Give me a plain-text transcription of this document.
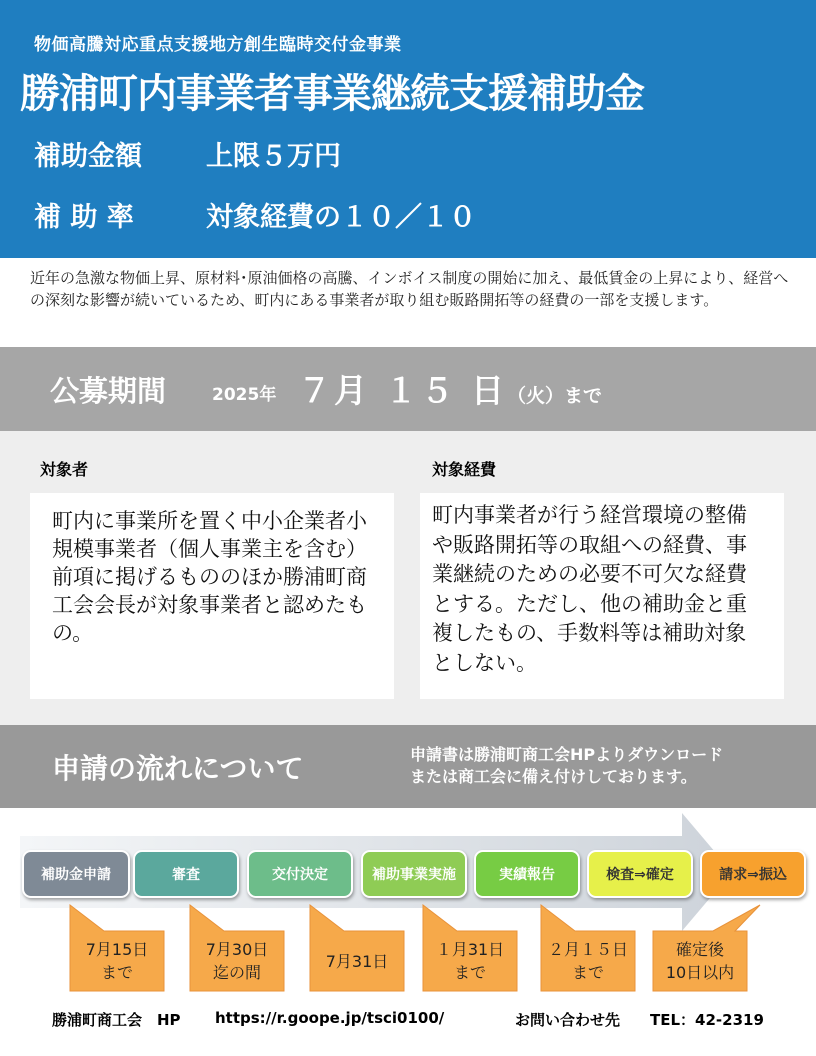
物価高騰対応重点支援地方創生臨時交付金事業
勝浦町内事業者事業継続支援補助金
補助金額 上限５万円
補 助 率	対象経費の１０／１０
近年の急激な物価上昇、原材料･原油価格の高騰、インボイス制度の開始に加え、最低賃金の上昇により、経営への深刻な影響が続いているため、町内にある事業者が取り組む販路開拓等の経費の一部を支援します。
公募期間	2025年 ７月 １５ 日（火）まで
対象者	対象経費
町内に事業所を置く中小企業者小規模事業者（個人事業主を含む）前項に掲げるもののほか勝浦町商工会会長が対象事業者と認めたもの。
町内事業者が行う経営環境の整備や販路開拓等の取組への経費、事業継続のための必要不可欠な経費とする。ただし、他の補助金と重複したもの、手数料等は補助対象としない。
申請の流れについて	申請書は勝浦町商工会HPよりダウンロード
または商工会に備え付けしております。
補助金申請	審査	交付決定	補助事業実施	実績報告	検査⇒確定	請求⇒振込
7月15日
まで
7月30日
迄の間
7月31日
１月31日
まで
２月１５日
まで
確定後
10日以内
勝浦町商工会　HP https://r.goope.jp/tsci0100/	お問い合わせ先 TEL：42-2319
